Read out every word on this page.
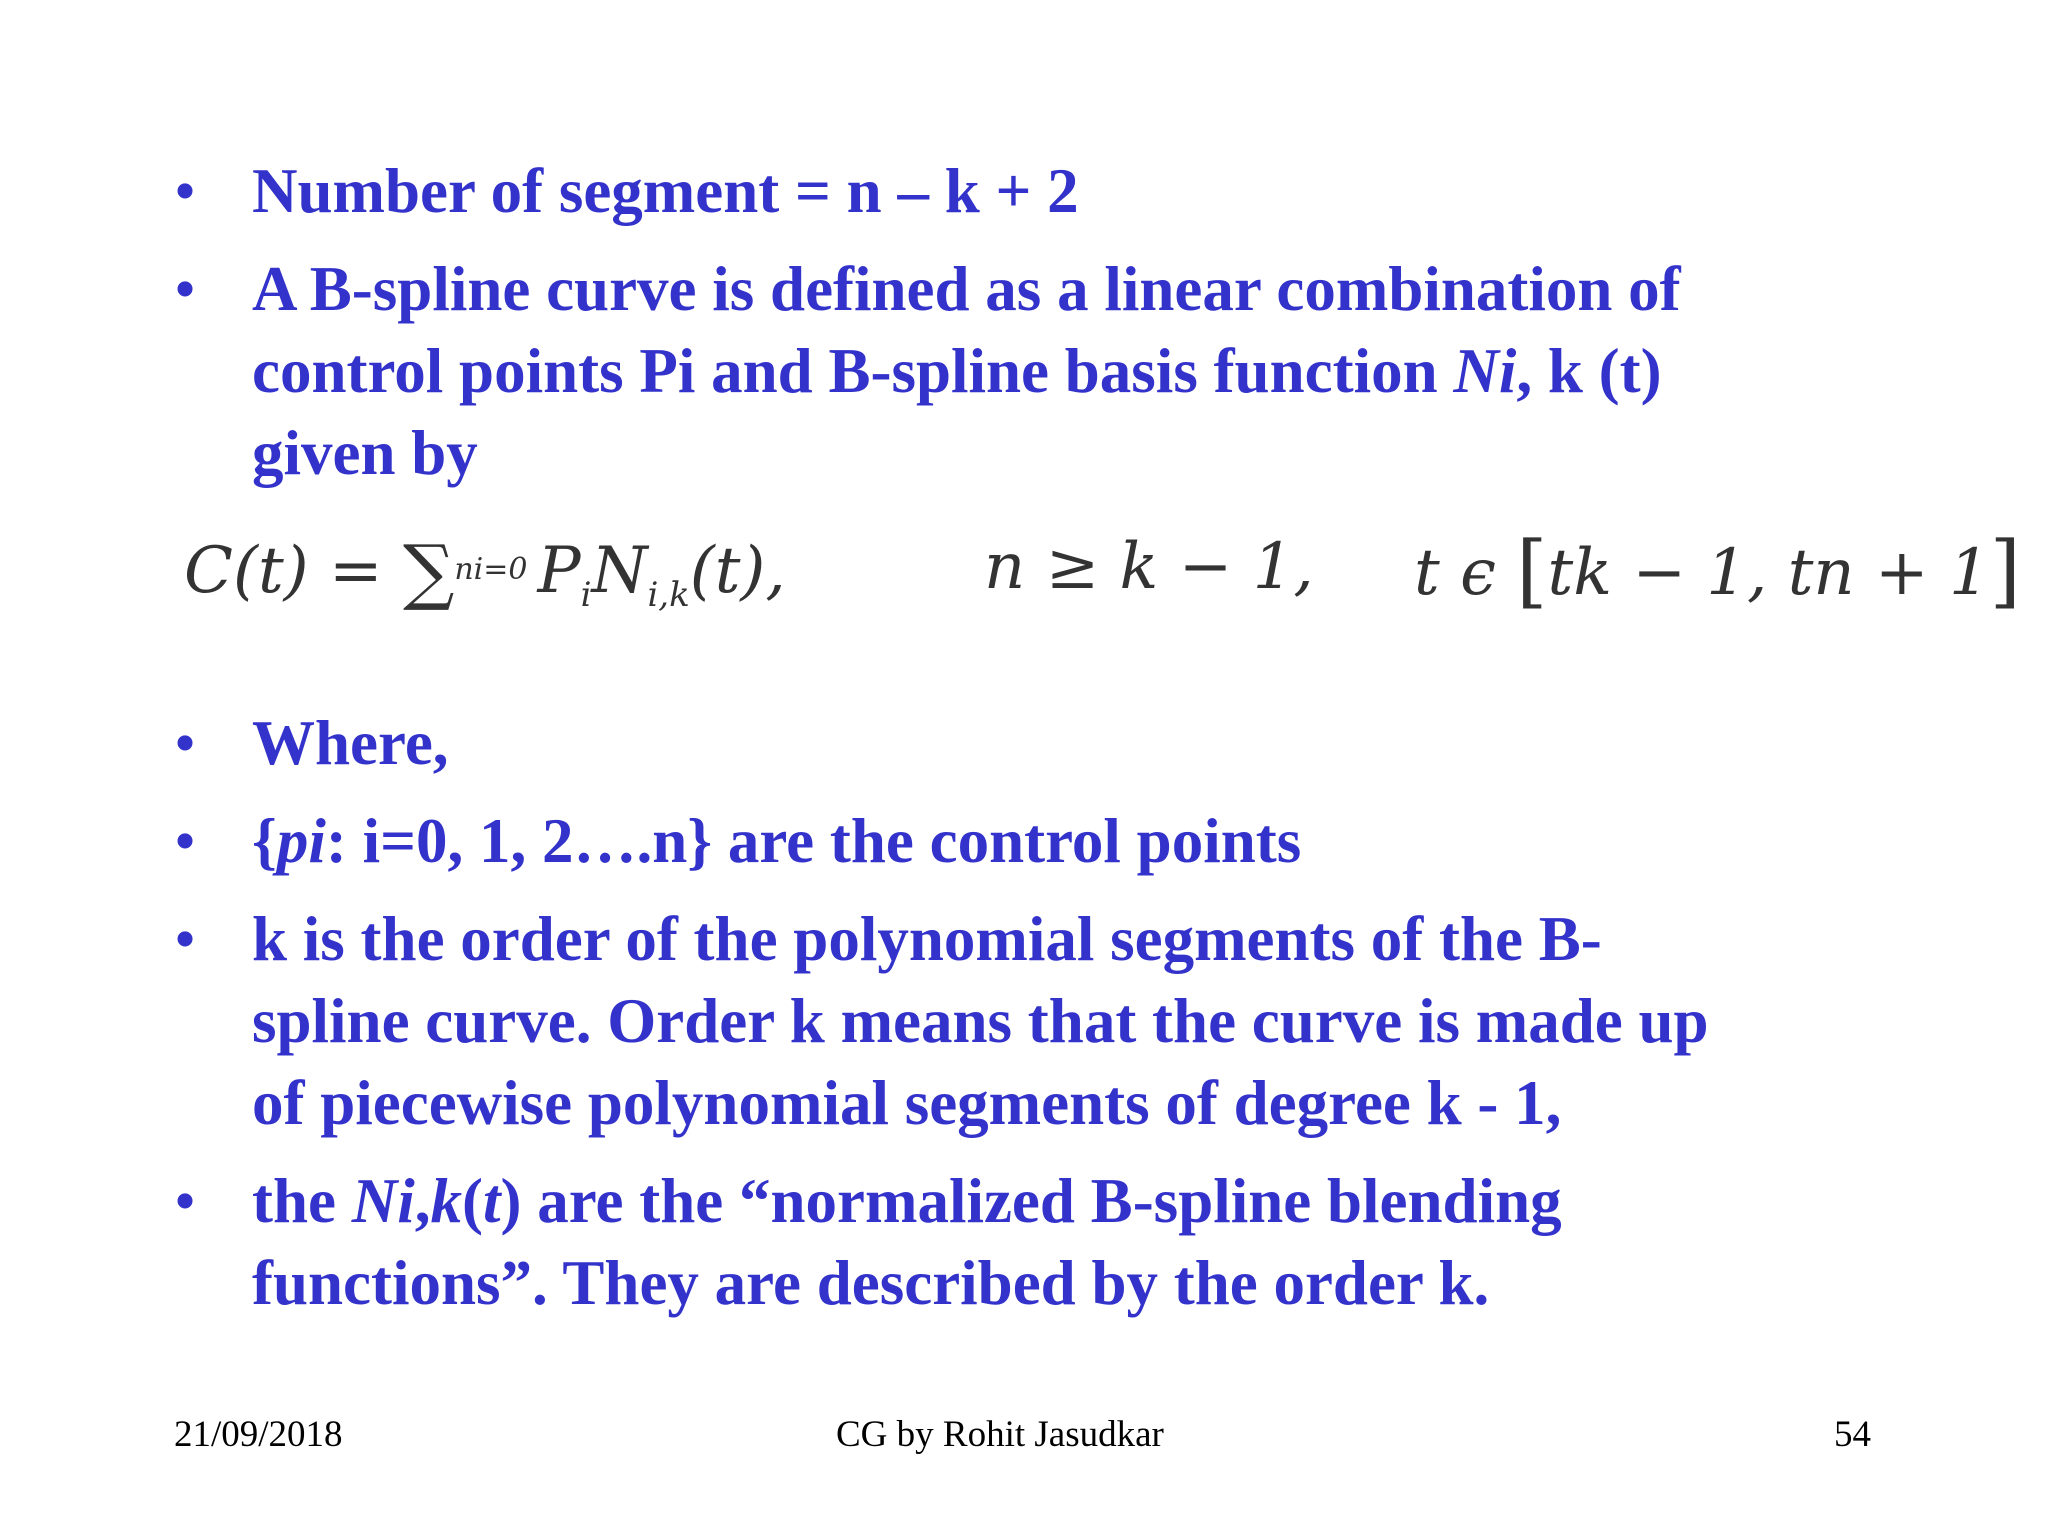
• Number of segment = n – k + 2
• A B-spline curve is defined as a linear combination of
control points Pi and B-spline basis function Ni, k (t)
given by
C(t) = ∑ni=0 $P_iN_{i,k}(t)$,	n ≥ k − 1, t ϵ [tk − 1, tn + 1]
• Where,
• {pi: i=0, 1, 2….n} are the control points
• k is the order of the polynomial segments of the B-
spline curve. Order k means that the curve is made up
of piecewise polynomial segments of degree k - 1,
• the Ni,k(t) are the “normalized B-spline blending
functions”. They are described by the order k.
21/09/2018	CG by Rohit Jasudkar	54
